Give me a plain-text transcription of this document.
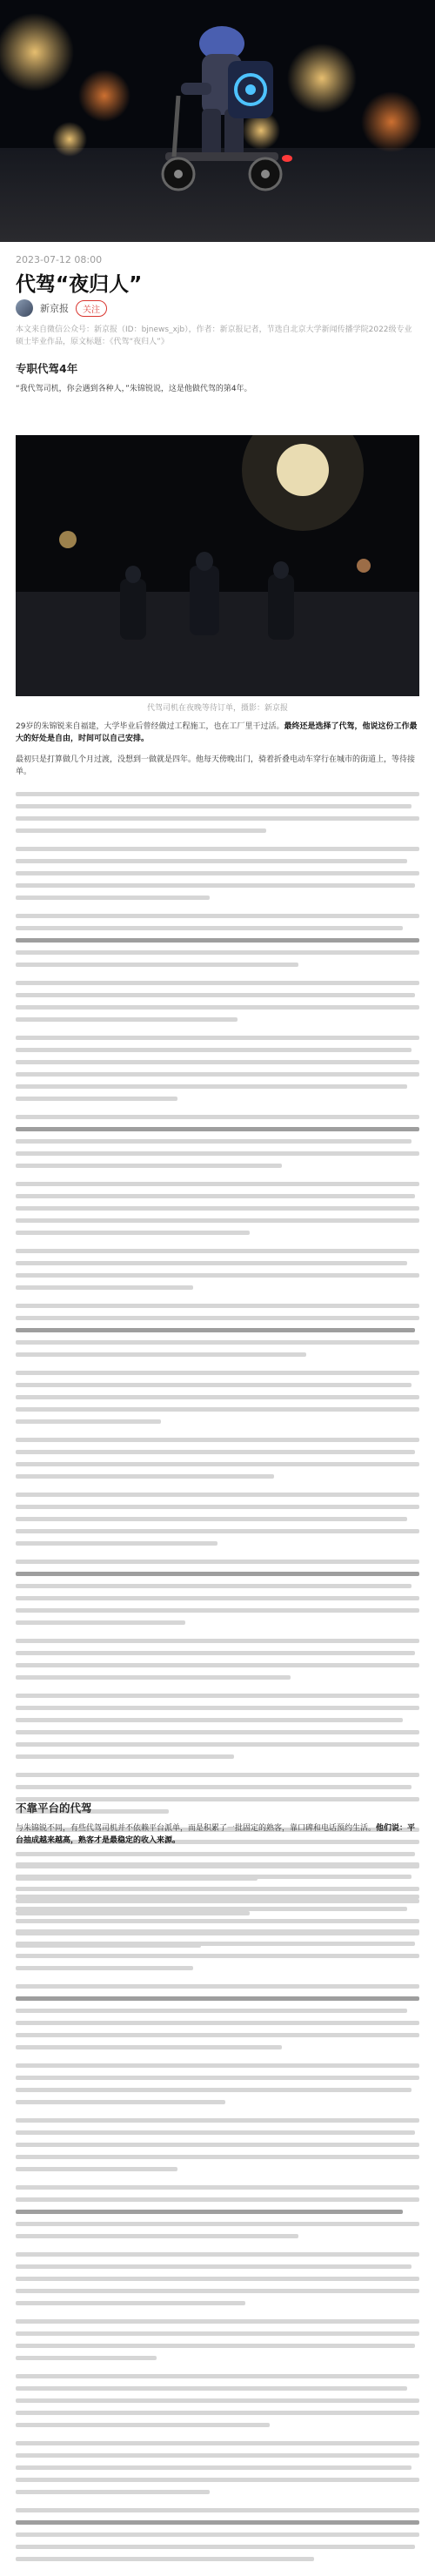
2023-07-12 08:00
代驾“夜归人”
新京报	关注
本文来自微信公众号：新京报（ID：bjnews_xjb），作者：新京报记者，节选自北京大学新闻传播学院2022级专业硕士毕业作品，原文标题：《代驾“夜归人”》
专职代驾4年

“我代驾司机，你会遇到各种人，”朱锦锐说，这是他做代驾的第4年。

代驾司机在夜晚等待订单，摄影：新京报

29岁的朱锦锐来自福建，大学毕业后曾经做过工程施工，也在工厂里干过活。最终还是选择了代驾，他说这份工作最大的好处是自由，时间可以自己安排。

最初只是打算做几个月过渡，没想到一做就是四年。他每天傍晚出门，骑着折叠电动车穿行在城市的街道上，等待接单。

不靠平台的代驾

与朱锦锐不同，有些代驾司机并不依赖平台派单，而是积累了一批固定的熟客，靠口碑和电话预约生活。他们说：平台抽成越来越高，熟客才是最稳定的收入来源。
